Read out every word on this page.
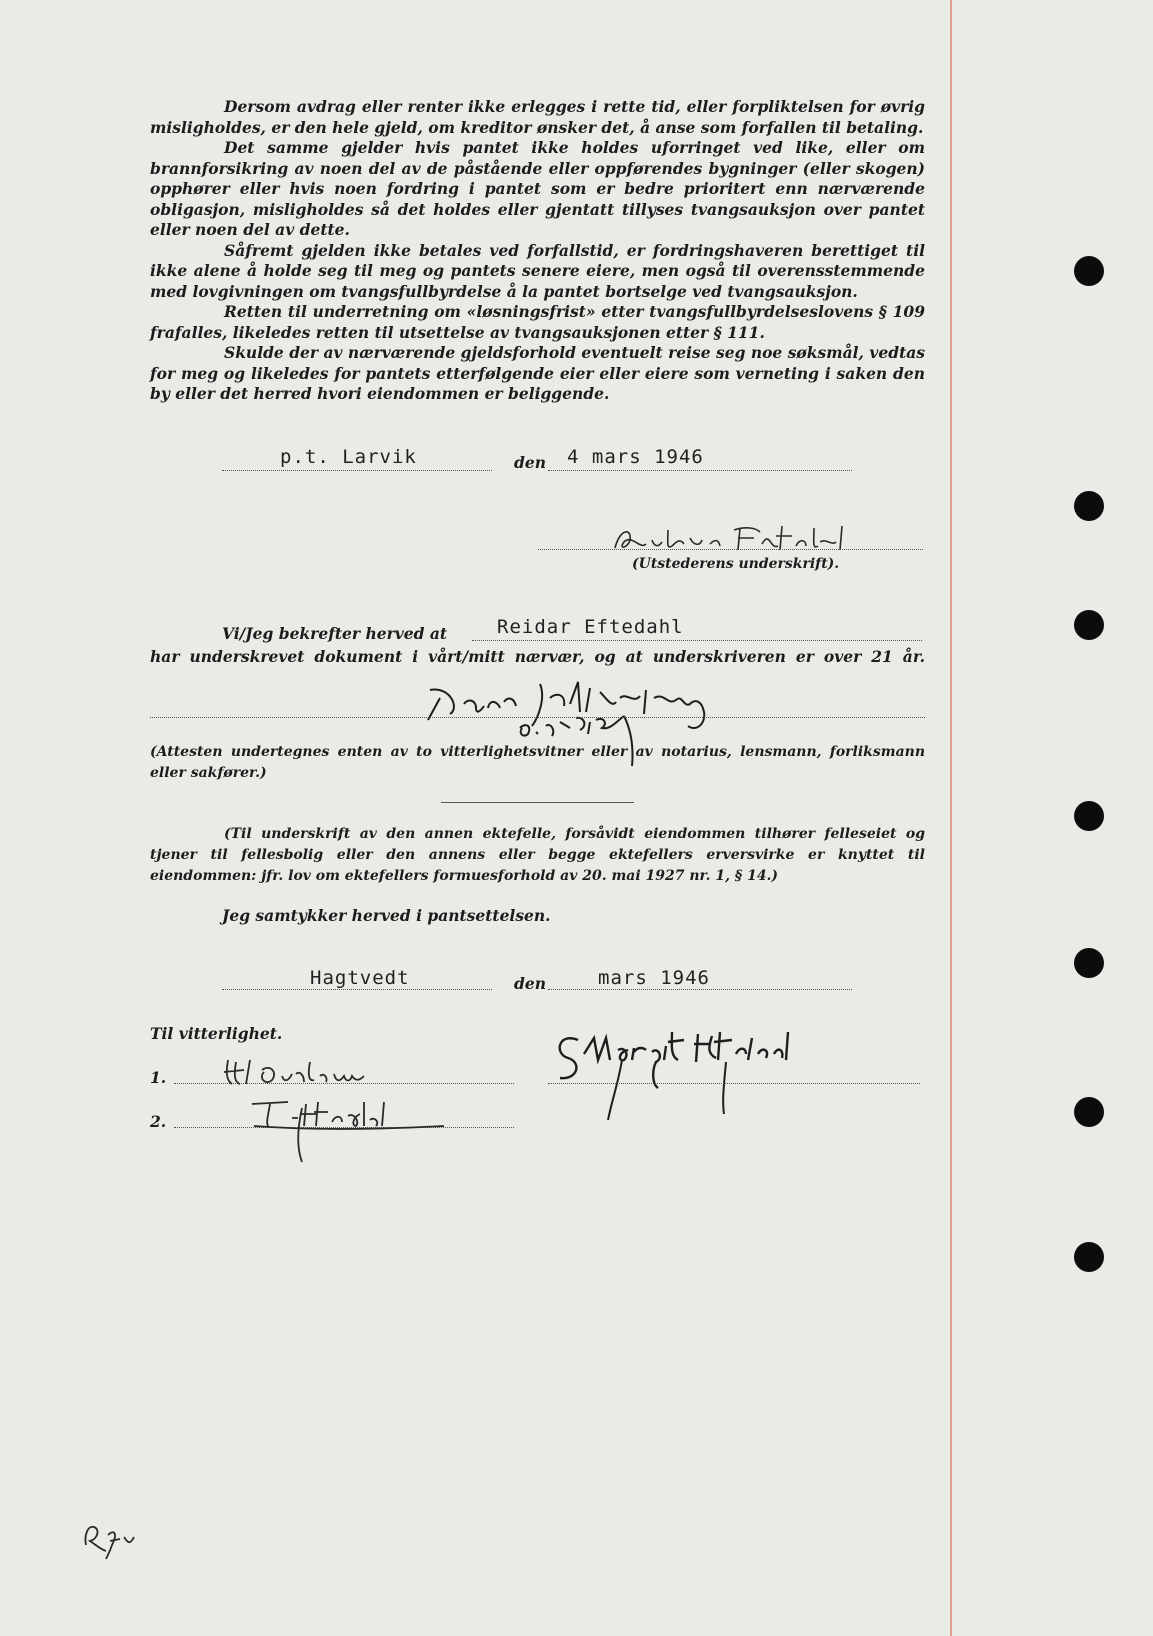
Dersom avdrag eller renter ikke erlegges i rette tid, eller forpliktelsen for øvrig misligholdes, er den hele gjeld, om kreditor ønsker det, å anse som forfallen til betaling.

Det samme gjelder hvis pantet ikke holdes uforringet ved like, eller om brannforsikring av noen del av de påstående eller oppførendes bygninger (eller skogen) opphører eller hvis noen fordring i pantet som er bedre prioritert enn nærværende obligasjon, misligholdes så det holdes eller gjentatt tillyses tvangsauksjon over pantet eller noen del av dette.

Såfremt gjelden ikke betales ved forfallstid, er fordringshaveren berettiget til ikke alene å holde seg til meg og pantets senere eiere, men også til overensstemmende med lovgivningen om tvangsfullbyrdelse å la pantet bortselge ved tvangsauksjon.

Retten til underretning om «løsningsfrist» etter tvangsfullbyrdelseslovens § 109 frafalles, likeledes retten til utsettelse av tvangsauksjonen etter § 111.

Skulde der av nærværende gjeldsforhold eventuelt reise seg noe søksmål, vedtas for meg og likeledes for pantets etterfølgende eier eller eiere som verneting i saken den by eller det herred hvori eiendommen er beliggende.

p.t. Larvik	den 4 mars 1946
(Utstederens underskrift).
Vi/Jeg bekrefter herved at	Reidar Eftedahl
har underskrevet dokument i vårt/mitt nærvær, og at underskriveren er over 21 år.
(Attesten undertegnes enten av to vitterlighetsvitner eller av notarius, lensmann, forliksmann eller sakfører.)
(Til underskrift av den annen ektefelle, forsåvidt eiendommen tilhører felleseiet og tjener til fellesbolig eller den annens eller begge ektefellers erversvirke er knyttet til eiendommen: jfr. lov om ektefellers formuesforhold av 20. mai 1927 nr. 1, § 14.)
Jeg samtykker herved i pantsettelsen.
Hagtvedt	den	mars 1946
Til vitterlighet.
1.
2.
